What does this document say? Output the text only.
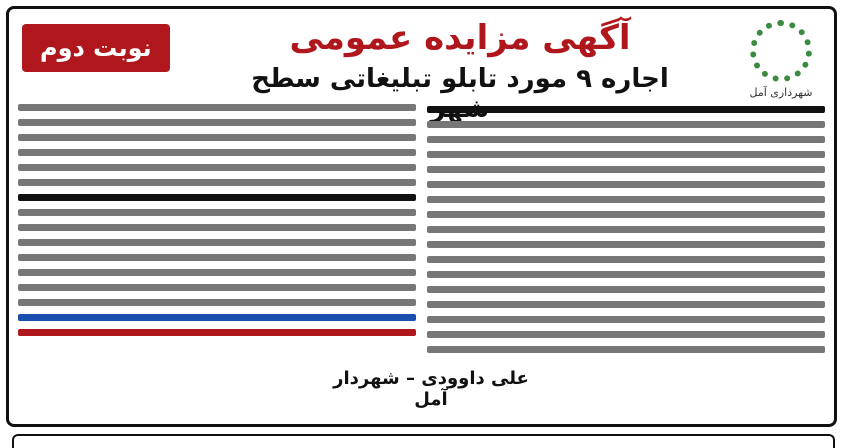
نوبت دوم
شهرداری آمل
آگهی مزایده عمومی
اجاره ۹ مورد تابلو تبلیغاتی سطح
علی داوودی – شهردار آمل
